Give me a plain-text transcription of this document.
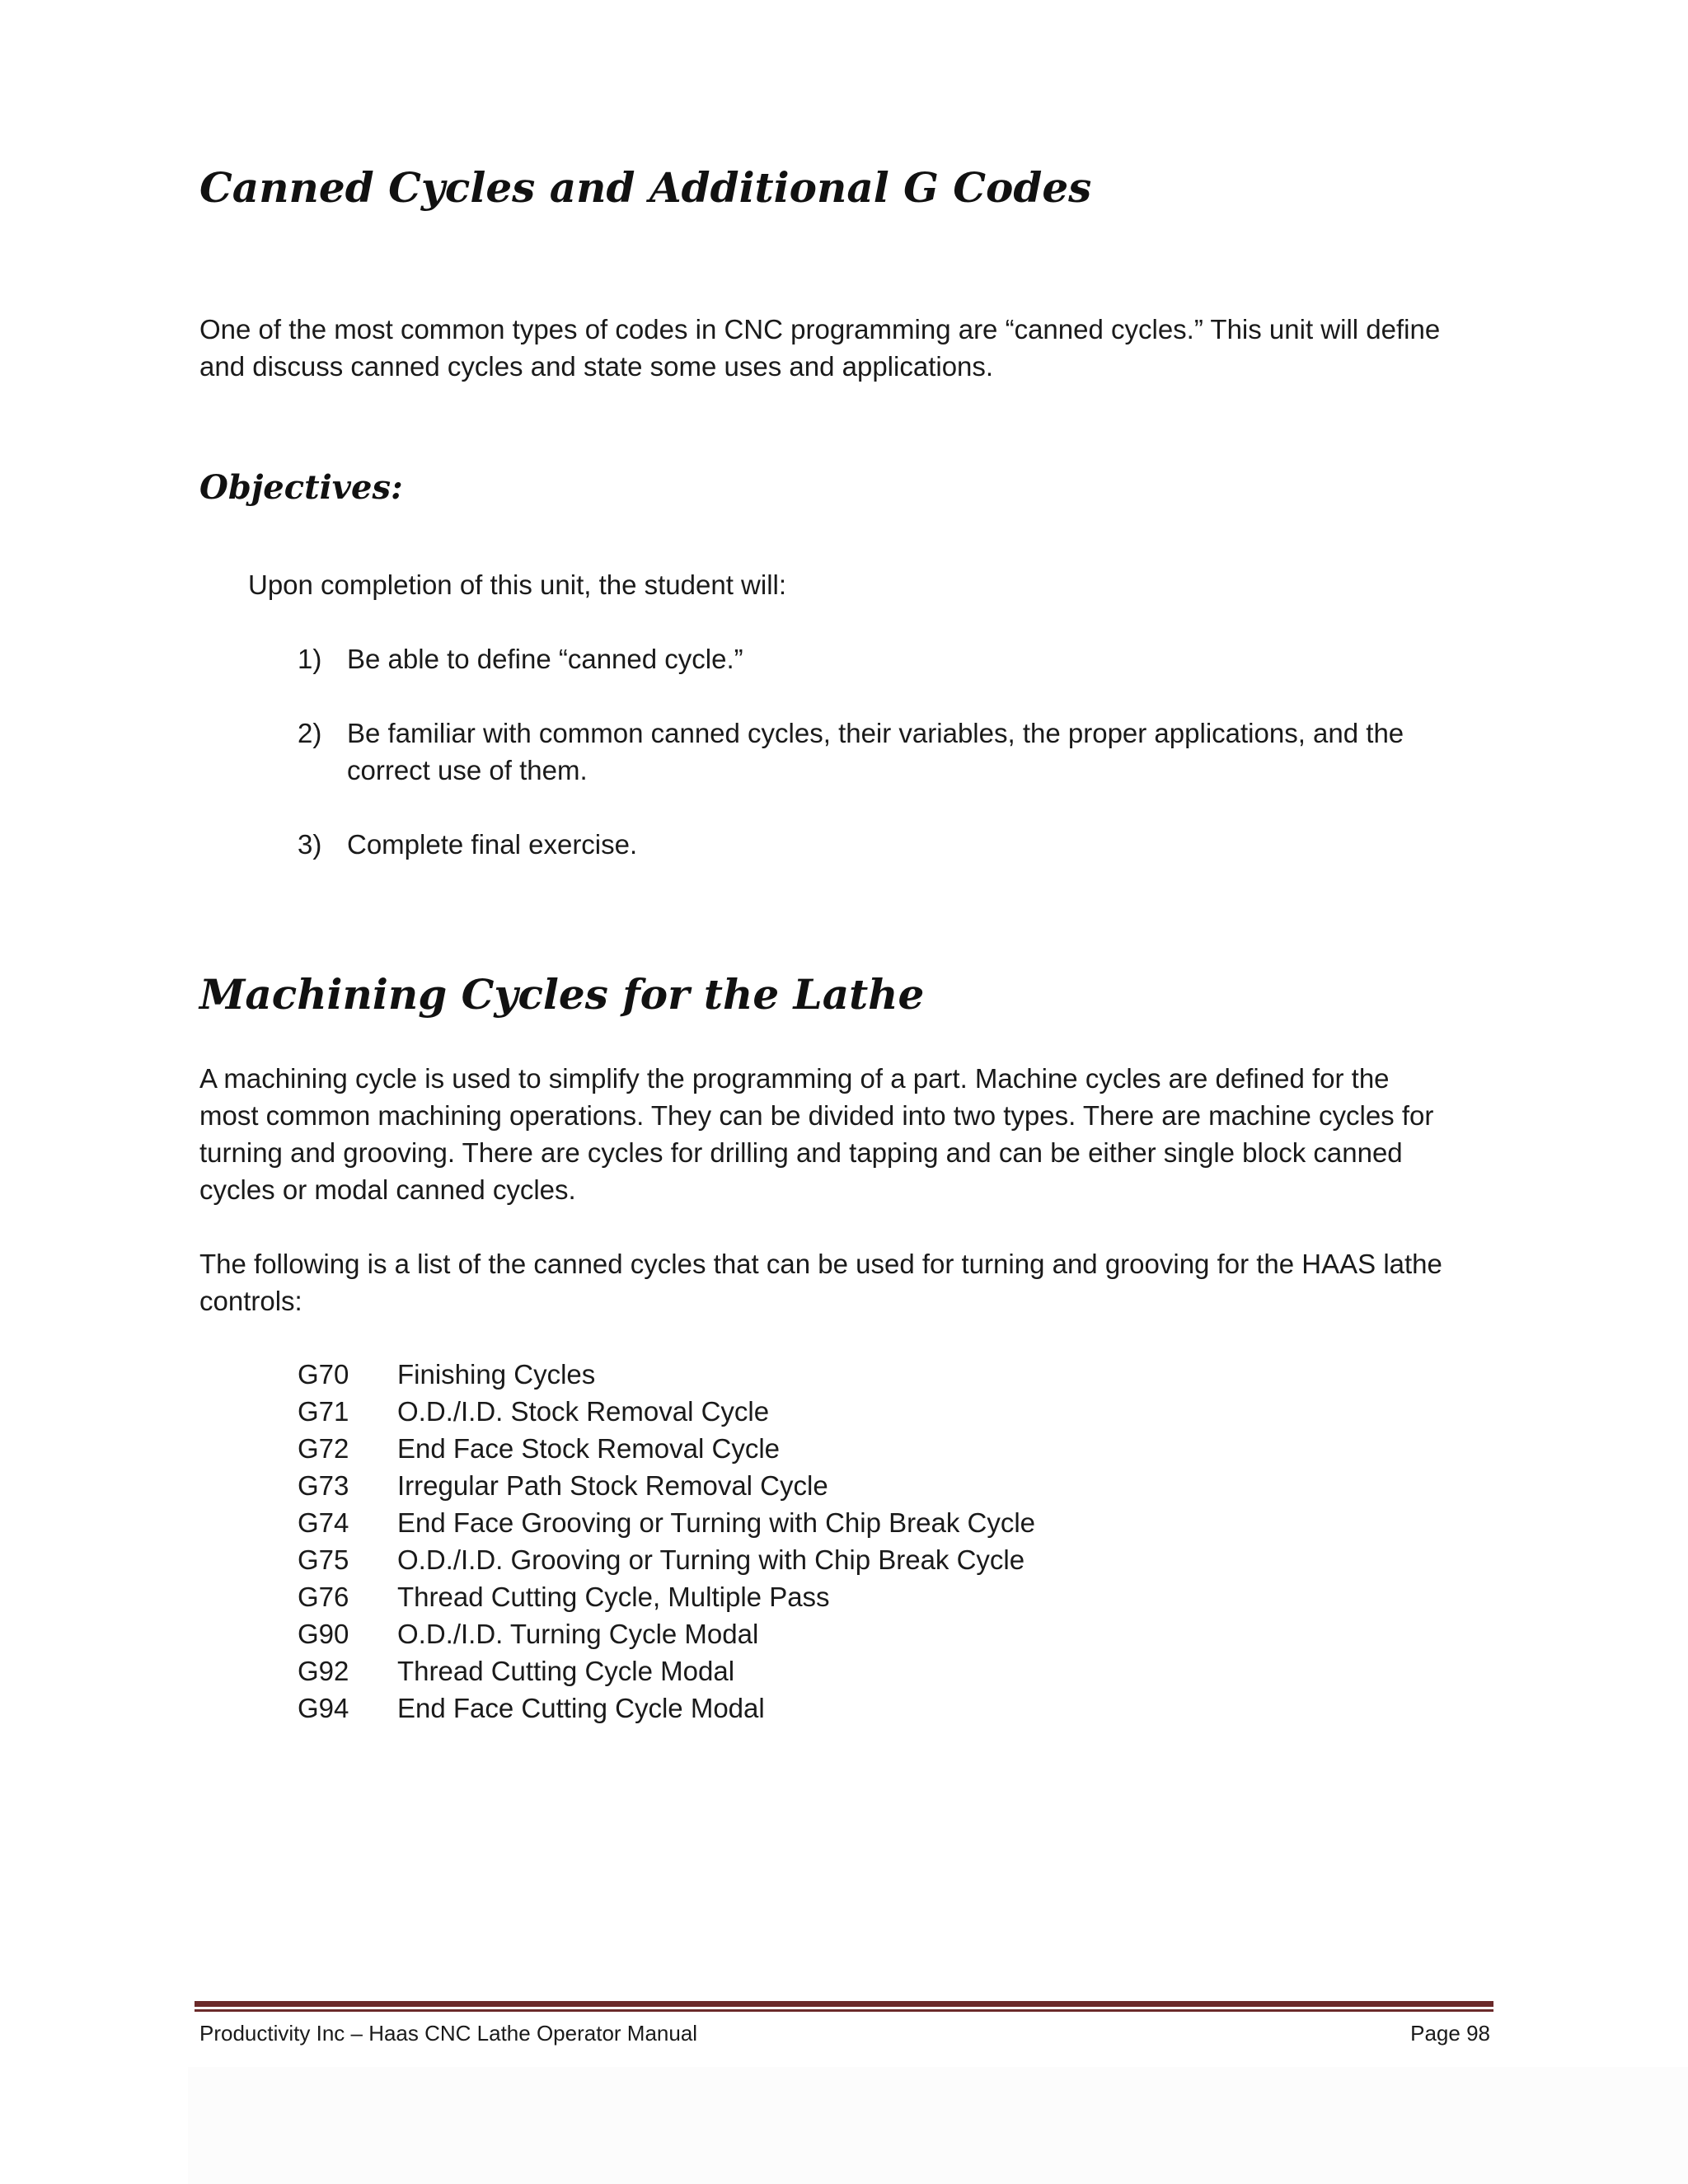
Canned Cycles and Additional G Codes

One of the most common types of codes in CNC programming are “canned cycles.” This unit will define
and discuss canned cycles and state some uses and applications.

Objectives:

Upon completion of this unit, the student will:

1) Be able to define “canned cycle.”
2) Be familiar with common canned cycles, their variables, the proper applications, and the
correct use of them.
3) Complete final exercise.
Machining Cycles for the Lathe

A machining cycle is used to simplify the programming of a part. Machine cycles are defined for the
most common machining operations. They can be divided into two types. There are machine cycles for
turning and grooving. There are cycles for drilling and tapping and can be either single block canned
cycles or modal canned cycles.

The following is a list of the canned cycles that can be used for turning and grooving for the HAAS lathe
controls:

G70 Finishing Cycles
G71 O.D./I.D. Stock Removal Cycle
G72 End Face Stock Removal Cycle
G73 Irregular Path Stock Removal Cycle
G74 End Face Grooving or Turning with Chip Break Cycle
G75 O.D./I.D. Grooving or Turning with Chip Break Cycle
G76 Thread Cutting Cycle, Multiple Pass
G90 O.D./I.D. Turning Cycle Modal
G92 Thread Cutting Cycle Modal
G94 End Face Cutting Cycle Modal
Productivity Inc – Haas CNC Lathe Operator Manual	Page 98
